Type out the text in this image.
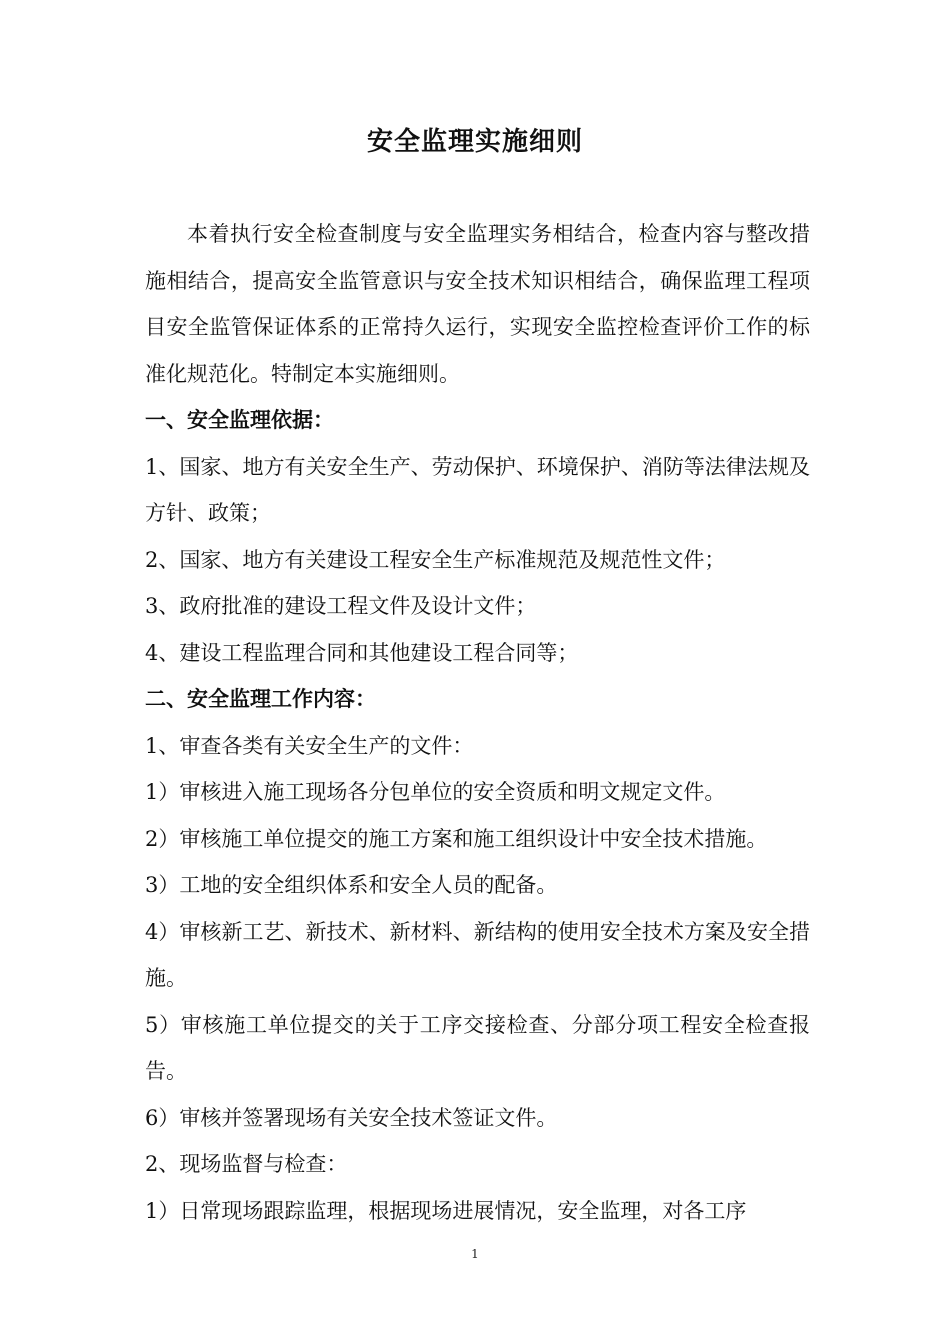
安全监理实施细则

本着执行安全检查制度与安全监理实务相结合，检查内容与整改措施相结合，提高安全监管意识与安全技术知识相结合，确保监理工程项目安全监管保证体系的正常持久运行，实现安全监控检查评价工作的标准化规范化。特制定本实施细则。

一、安全监理依据：

1、国家、地方有关安全生产、劳动保护、环境保护、消防等法律法规及方针、政策；

2、国家、地方有关建设工程安全生产标准规范及规范性文件；

3、政府批准的建设工程文件及设计文件；

4、建设工程监理合同和其他建设工程合同等；

二、安全监理工作内容：

1、审查各类有关安全生产的文件：

1）审核进入施工现场各分包单位的安全资质和明文规定文件。

2）审核施工单位提交的施工方案和施工组织设计中安全技术措施。

3）工地的安全组织体系和安全人员的配备。

4）审核新工艺、新技术、新材料、新结构的使用安全技术方案及安全措施。

5）审核施工单位提交的关于工序交接检查、分部分项工程安全检查报告。

6）审核并签署现场有关安全技术签证文件。

2、现场监督与检查：

1）日常现场跟踪监理，根据现场进展情况，安全监理，对各工序

1
